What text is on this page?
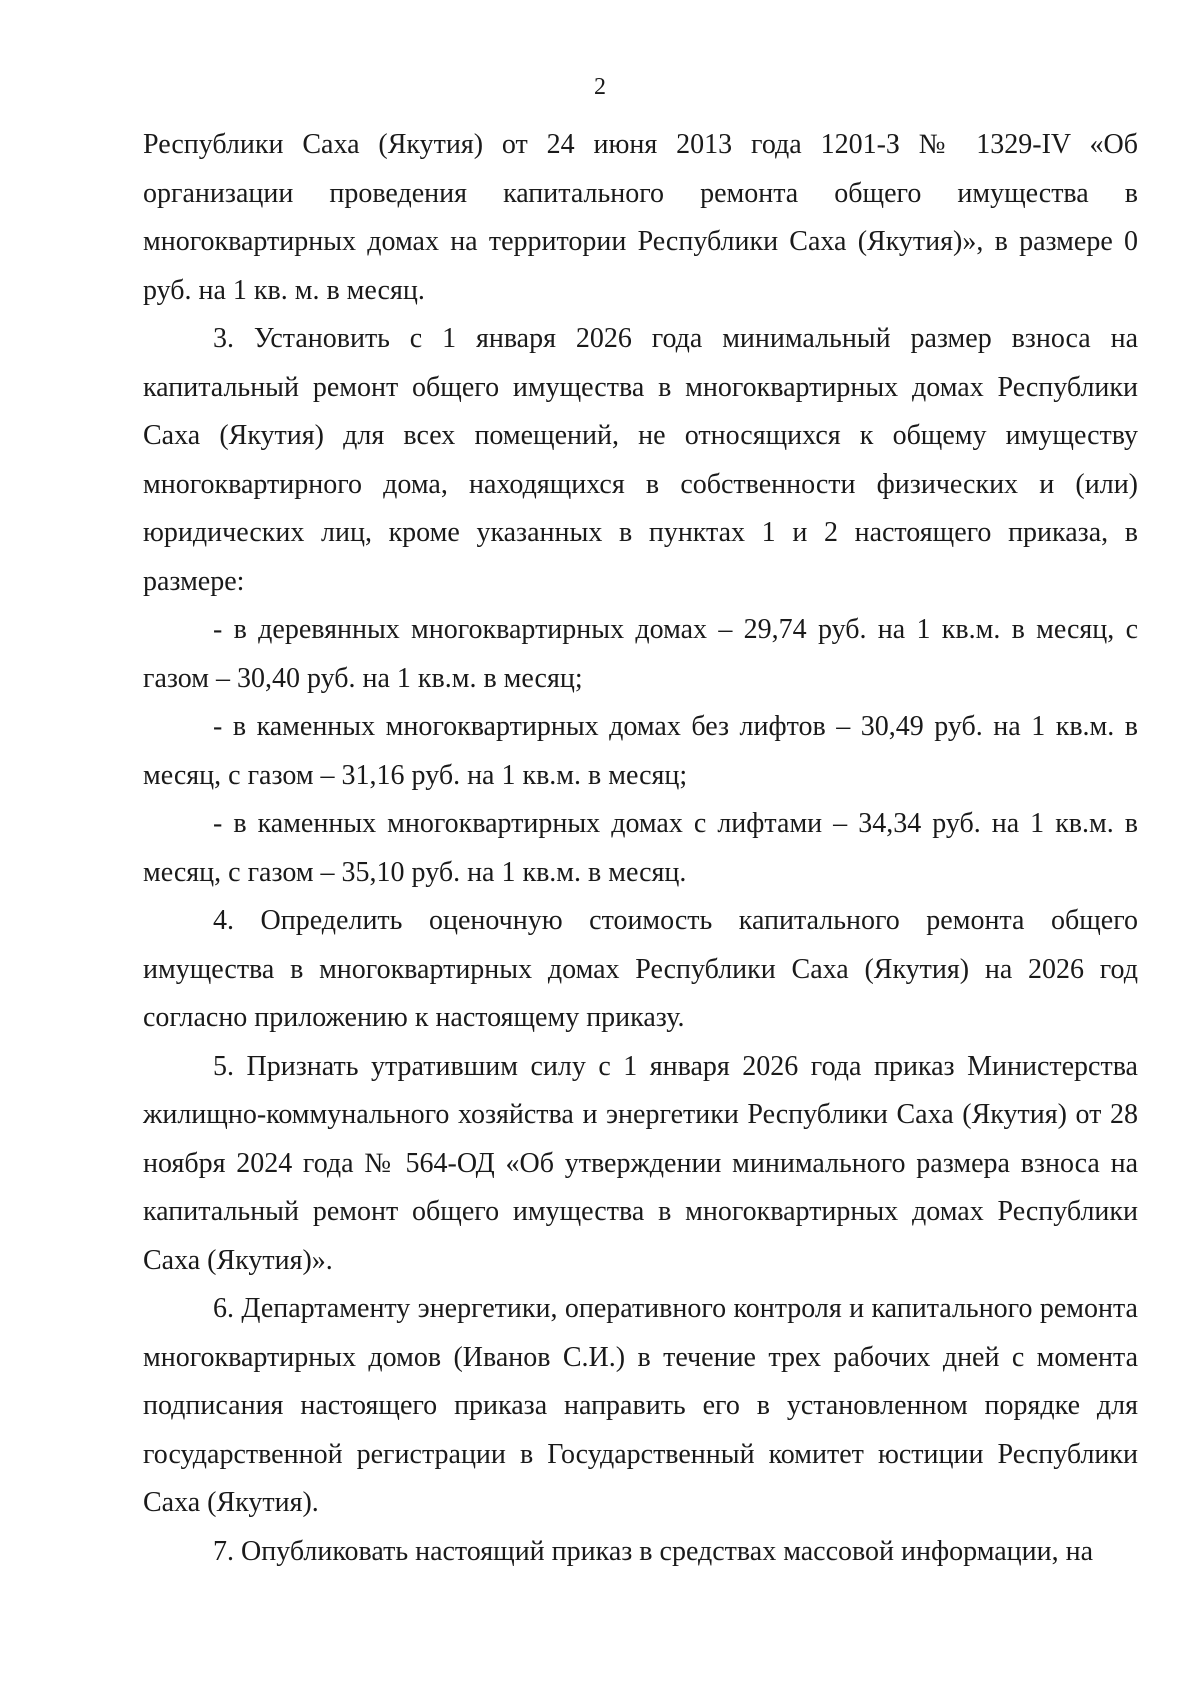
2

Республики Саха (Якутия) от 24 июня 2013 года 1201-З № 1329-IV «Об организации проведения капитального ремонта общего имущества в многоквартирных домах на территории Республики Саха (Якутия)», в размере 0 руб. на 1 кв. м. в месяц.

3. Установить с 1 января 2026 года минимальный размер взноса на капитальный ремонт общего имущества в многоквартирных домах Республики Саха (Якутия) для всех помещений, не относящихся к общему имуществу многоквартирного дома, находящихся в собственности физических и (или) юридических лиц, кроме указанных в пунктах 1 и 2 настоящего приказа, в размере:

- в деревянных многоквартирных домах – 29,74 руб. на 1 кв.м. в месяц, с газом – 30,40 руб. на 1 кв.м. в месяц;

- в каменных многоквартирных домах без лифтов – 30,49 руб. на 1 кв.м. в месяц, с газом – 31,16 руб. на 1 кв.м. в месяц;

- в каменных многоквартирных домах с лифтами – 34,34 руб. на 1 кв.м. в месяц, с газом – 35,10 руб. на 1 кв.м. в месяц.

4. Определить оценочную стоимость капитального ремонта общего имущества в многоквартирных домах Республики Саха (Якутия) на 2026 год согласно приложению к настоящему приказу.

5. Признать утратившим силу с 1 января 2026 года приказ Министерства жилищно-коммунального хозяйства и энергетики Республики Саха (Якутия) от 28 ноября 2024 года № 564-ОД «Об утверждении минимального размера взноса на капитальный ремонт общего имущества в многоквартирных домах Республики Саха (Якутия)».

6. Департаменту энергетики, оперативного контроля и капитального ремонта многоквартирных домов (Иванов С.И.) в течение трех рабочих дней с момента подписания настоящего приказа направить его в установленном порядке для государственной регистрации в Государственный комитет юстиции Республики Саха (Якутия).

7. Опубликовать настоящий приказ в средствах массовой информации, на
